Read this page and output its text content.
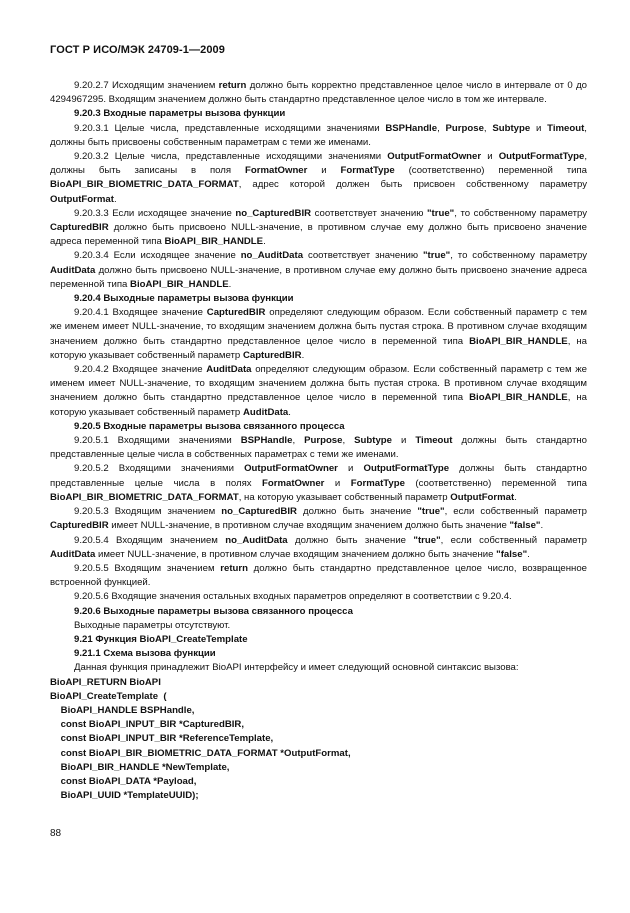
ГОСТ Р ИСО/МЭК 24709-1—2009
9.20.2.7 Исходящим значением return должно быть корректно представленное целое число в интервале от 0 до 4294967295. Входящим значением должно быть стандартно представленное целое число в том же интервале.
9.20.3 Входные параметры вызова функции
9.20.3.1 Целые числа, представленные исходящими значениями BSPHandle, Purpose, Subtype и Timeout, должны быть присвоены собственным параметрам с теми же именами.
9.20.3.2 Целые числа, представленные исходящими значениями OutputFormatOwner и OutputFormatType, должны быть записаны в поля FormatOwner и FormatType (соответственно) переменной типа BioAPI_BIR_BIOMETRIC_DATA_FORMAT, адрес которой должен быть присвоен собственному параметру OutputFormat.
9.20.3.3 Если исходящее значение no_CapturedBIR соответствует значению "true", то собственному параметру CapturedBIR должно быть присвоено NULL-значение, в противном случае ему должно быть присвоено значение адреса переменной типа BioAPI_BIR_HANDLE.
9.20.3.4 Если исходящее значение no_AuditData соответствует значению "true", то собственному параметру AuditData должно быть присвоено NULL-значение, в противном случае ему должно быть присвоено значение адреса переменной типа BioAPI_BIR_HANDLE.
9.20.4 Выходные параметры вызова функции
9.20.4.1 Входящее значение CapturedBIR определяют следующим образом. Если собственный параметр с тем же именем имеет NULL-значение, то входящим значением должна быть пустая строка. В противном случае входящим значением должно быть стандартно представленное целое число в переменной типа BioAPI_BIR_HANDLE, на которую указывает собственный параметр CapturedBIR.
9.20.4.2 Входящее значение AuditData определяют следующим образом. Если собственный параметр с тем же именем имеет NULL-значение, то входящим значением должна быть пустая строка. В противном случае входящим значением должно быть стандартно представленное целое число в переменной типа BioAPI_BIR_HANDLE, на которую указывает собственный параметр AuditData.
9.20.5 Входные параметры вызова связанного процесса
9.20.5.1 Входящими значениями BSPHandle, Purpose, Subtype и Timeout должны быть стандартно представленные целые числа в собственных параметрах с теми же именами.
9.20.5.2 Входящими значениями OutputFormatOwner и OutputFormatType должны быть стандартно представленные целые числа в полях FormatOwner и FormatType (соответственно) переменной типа BioAPI_BIR_BIOMETRIC_DATA_FORMAT, на которую указывает собственный параметр OutputFormat.
9.20.5.3 Входящим значением no_CapturedBIR должно быть значение "true", если собственный параметр CapturedBIR имеет NULL-значение, в противном случае входящим значением должно быть значение "false".
9.20.5.4 Входящим значением no_AuditData должно быть значение "true", если собственный параметр AuditData имеет NULL-значение, в противном случае входящим значением должно быть значение "false".
9.20.5.5 Входящим значением return должно быть стандартно представленное целое число, возвращенное встроенной функцией.
9.20.5.6 Входящие значения остальных входных параметров определяют в соответствии с 9.20.4.
9.20.6 Выходные параметры вызова связанного процесса
Выходные параметры отсутствуют.
9.21 Функция BioAPI_CreateTemplate
9.21.1 Схема вызова функции
Данная функция принадлежит BioAPI интерфейсу и имеет следующий основной синтаксис вызова:
BioAPI_RETURN BioAPI
BioAPI_CreateTemplate  (
BioAPI_HANDLE BSPHandle,
const BioAPI_INPUT_BIR *CapturedBIR,
const BioAPI_INPUT_BIR *ReferenceTemplate,
const BioAPI_BIR_BIOMETRIC_DATA_FORMAT *OutputFormat,
BioAPI_BIR_HANDLE *NewTemplate,
const BioAPI_DATA *Payload,
BioAPI_UUID *TemplateUUID);
88
